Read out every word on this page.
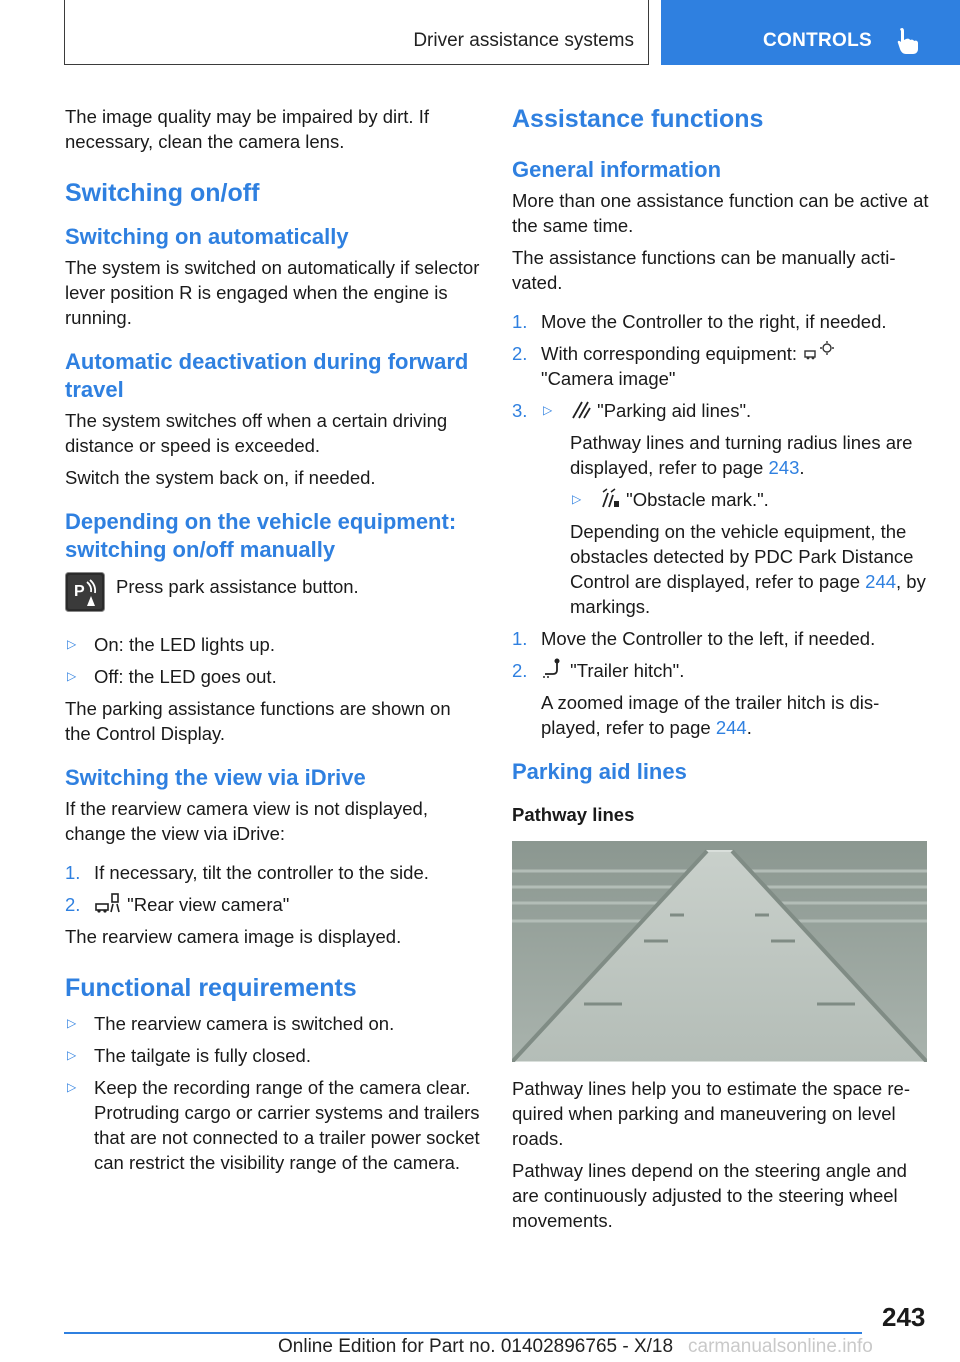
Driver assistance systems	CONTROLS

The image quality may be impaired by dirt. If necessary, clean the camera lens.

Switching on/off
Switching on automatically

The system is switched on automatically if selector lever position R is engaged when the engine is running.

Automatic deactivation during forward travel

The system switches off when a certain driving distance or speed is exceeded.

Switch the system back on, if needed.

Depending on the vehicle equipment: switching on/off manually
P Press park assistance button.
▷ On: the LED lights up.
▷ Off: the LED goes out.

The parking assistance functions are shown on the Control Display.

Switching the view via iDrive

If the rearview camera view is not displayed, change the view via iDrive:

1. If necessary, tilt the controller to the side.
2.	"Rear view camera"

The rearview camera image is displayed.

Functional requirements
▷ The rearview camera is switched on.
▷ The tailgate is fully closed.
▷ Keep the recording range of the camera clear. Protruding cargo or carrier systems and trailers that are not connected to a trailer power socket can restrict the visibility range of the camera.
Assistance functions
General information

More than one assistance function can be active at the same time.

The assistance functions can be manually activated.

1. Move the Controller to the right, if needed.
2. With corresponding equipment:
"Camera image"
3. ▷ "Parking aid lines".
Pathway lines and turning radius lines are displayed, refer to page 243.
▷ "Obstacle mark.".
Depending on the vehicle equipment, the obstacles detected by PDC Park Distance Control are displayed, refer to page 244, by markings.
1. Move the Controller to the left, if needed.
2. "Trailer hitch".
A zoomed image of the trailer hitch is displayed, refer to page 244.
Parking aid lines
Pathway lines

Pathway lines help you to estimate the space required when parking and maneuvering on level roads.

Pathway lines depend on the steering angle and are continuously adjusted to the steering wheel movements.

243
Online Edition for Part no. 01402896765 - X/18 carmanualsonline.info
